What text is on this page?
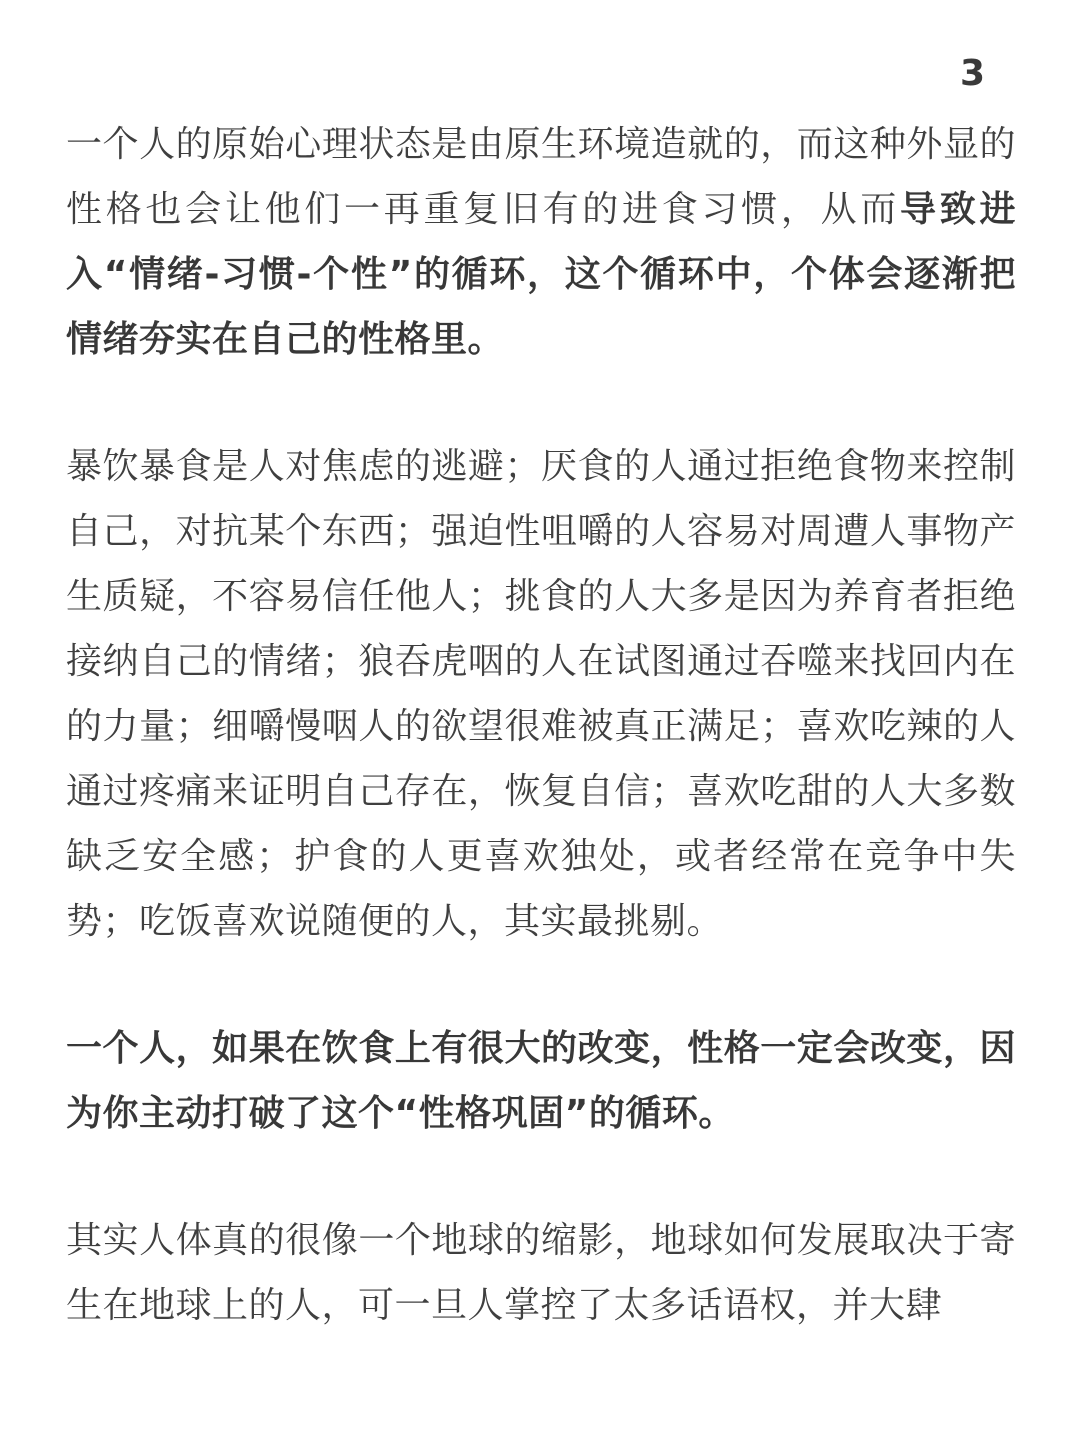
3

一个人的原始心理状态是由原生环境造就的，而这种外显的性格也会让他们一再重复旧有的进食习惯，从而导致进入“情绪-习惯-个性”的循环，这个循环中，个体会逐渐把情绪夯实在自己的性格里。

暴饮暴食是人对焦虑的逃避；厌食的人通过拒绝食物来控制自己，对抗某个东西；强迫性咀嚼的人容易对周遭人事物产生质疑，不容易信任他人；挑食的人大多是因为养育者拒绝接纳自己的情绪；狼吞虎咽的人在试图通过吞噬来找回内在的力量；细嚼慢咽人的欲望很难被真正满足；喜欢吃辣的人通过疼痛来证明自己存在，恢复自信；喜欢吃甜的人大多数缺乏安全感；护食的人更喜欢独处，或者经常在竞争中失势；吃饭喜欢说随便的人，其实最挑剔。

一个人，如果在饮食上有很大的改变，性格一定会改变，因为你主动打破了这个“性格巩固”的循环。

其实人体真的很像一个地球的缩影，地球如何发展取决于寄生在地球上的人，可一旦人掌控了太多话语权，并大肆
